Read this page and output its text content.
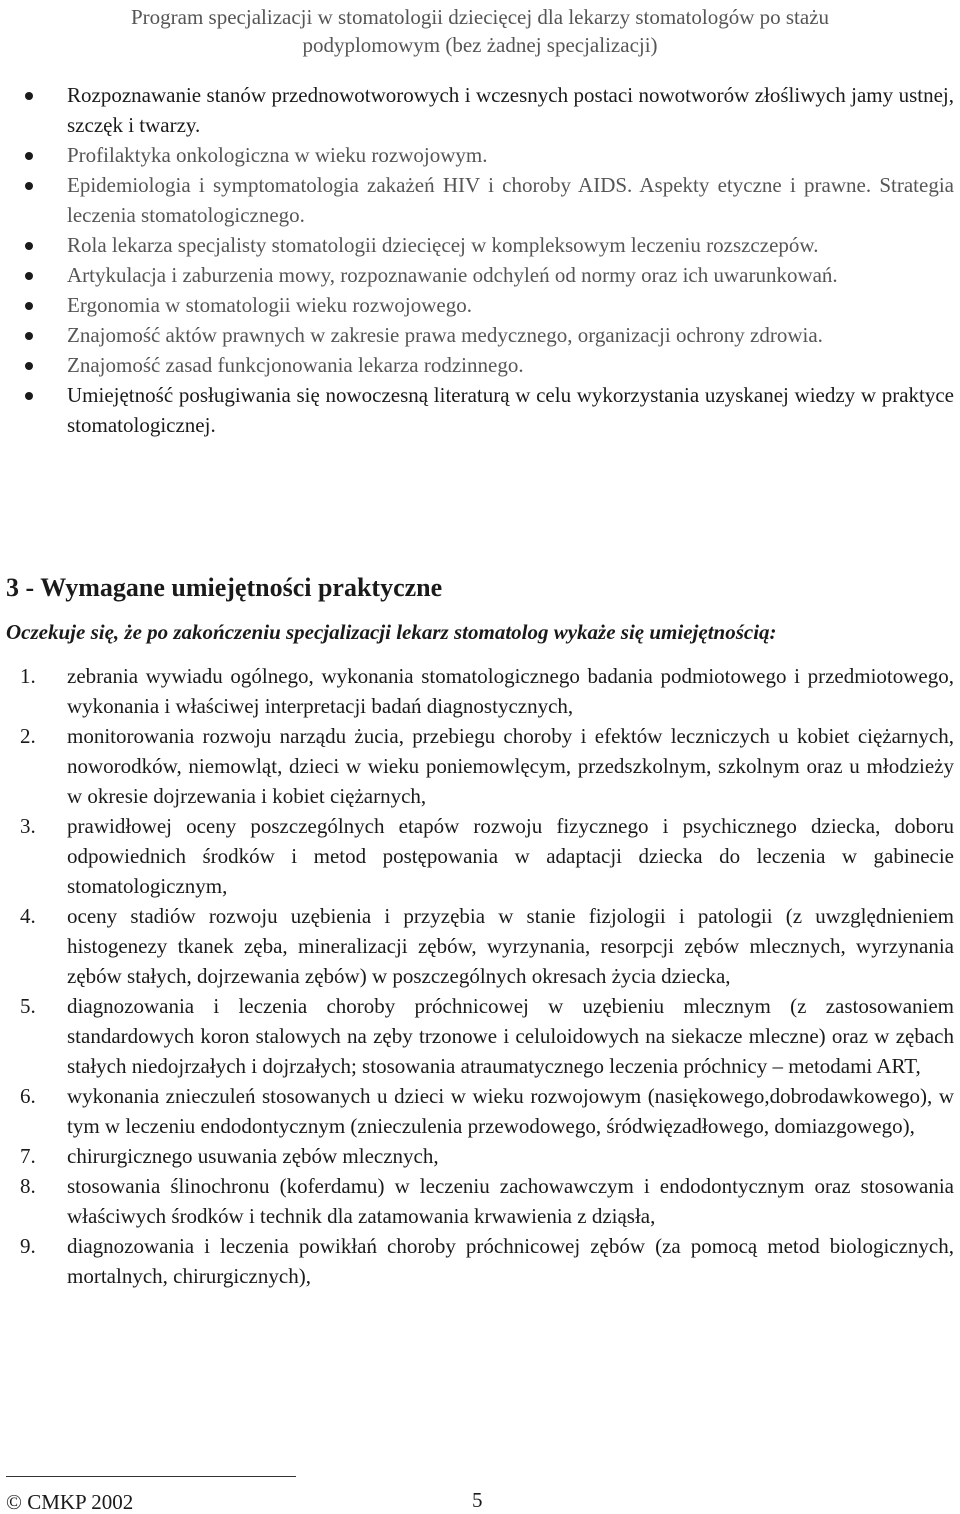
Program specjalizacji w stomatologii dziecięcej dla lekarzy stomatologów po stażu
podyplomowym (bez żadnej specjalizacji)
Rozpoznawanie stanów przednowotworowych i wczesnych postaci nowotworów złośliwych jamy ustnej, szczęk i twarzy.
Profilaktyka onkologiczna w wieku rozwojowym.
Epidemiologia i symptomatologia zakażeń HIV i choroby AIDS. Aspekty etyczne i prawne. Strategia leczenia stomatologicznego.
Rola lekarza specjalisty stomatologii dziecięcej w kompleksowym leczeniu rozszczepów.
Artykulacja i zaburzenia mowy, rozpoznawanie odchyleń od normy oraz ich uwarunkowań.
Ergonomia w stomatologii wieku rozwojowego.
Znajomość aktów prawnych w zakresie prawa medycznego, organizacji ochrony zdrowia.
Znajomość zasad funkcjonowania lekarza rodzinnego.
Umiejętność posługiwania się nowoczesną literaturą w celu wykorzystania uzyskanej wiedzy w praktyce stomatologicznej.
3 - Wymagane umiejętności praktyczne

Oczekuje się, że po zakończeniu specjalizacji lekarz stomatolog wykaże się umiejętnością:

1. zebrania wywiadu ogólnego, wykonania stomatologicznego badania podmiotowego i przedmiotowego, wykonania i właściwej interpretacji badań diagnostycznych,
2. monitorowania rozwoju narządu żucia, przebiegu choroby i efektów leczniczych u kobiet ciężarnych, noworodków, niemowląt, dzieci w wieku poniemowlęcym, przedszkolnym, szkolnym oraz u młodzieży w okresie dojrzewania i kobiet ciężarnych,
3. prawidłowej oceny poszczególnych etapów rozwoju fizycznego i psychicznego dziecka, doboru odpowiednich środków i metod postępowania w adaptacji dziecka do leczenia w gabinecie stomatologicznym,
4. oceny stadiów rozwoju uzębienia i przyzębia w stanie fizjologii i patologii (z uwzględnieniem histogenezy tkanek zęba, mineralizacji zębów, wyrzynania, resorpcji zębów mlecznych, wyrzynania zębów stałych, dojrzewania zębów) w poszczególnych okresach życia dziecka,
5. diagnozowania i leczenia choroby próchnicowej w uzębieniu mlecznym (z zastosowaniem standardowych koron stalowych na zęby trzonowe i celuloidowych na siekacze mleczne) oraz w zębach stałych niedojrzałych i dojrzałych; stosowania atraumatycznego leczenia próchnicy – metodami ART,
6. wykonania znieczuleń stosowanych u dzieci w wieku rozwojowym (nasiękowego,dobrodawkowego), w tym w leczeniu endodontycznym (znieczulenia przewodowego, śródwięzadłowego, domiazgowego),
7. chirurgicznego usuwania zębów mlecznych,
8. stosowania ślinochronu (koferdamu) w leczeniu zachowawczym i endodontycznym oraz stosowania właściwych środków i technik dla zatamowania krwawienia z dziąsła,
9. diagnozowania i leczenia powikłań choroby próchnicowej zębów (za pomocą metod biologicznych, mortalnych, chirurgicznych),
© CMKP 2002	5
